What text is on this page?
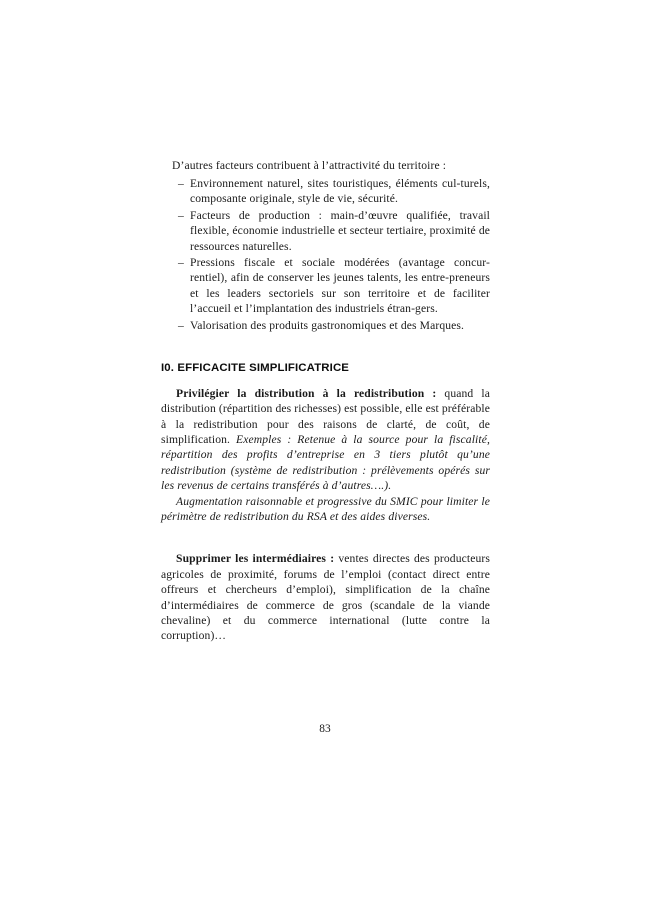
D’autres facteurs contribuent à l’attractivité du territoire :

– Environnement naturel, sites touristiques, éléments cul-turels, composante originale, style de vie, sécurité.
– Facteurs de production : main-d’œuvre qualifiée, travail flexible, économie industrielle et secteur tertiaire, proximité de ressources naturelles.
– Pressions fiscale et sociale modérées (avantage concur-rentiel), afin de conserver les jeunes talents, les entre-preneurs et les leaders sectoriels sur son territoire et de faciliter l’accueil et l’implantation des industriels étran-gers.
– Valorisation des produits gastronomiques et des Marques.
I0. EFFICACITE SIMPLIFICATRICE

Privilégier la distribution à la redistribution : quand la distribution (répartition des richesses) est possible, elle est préférable à la redistribution pour des raisons de clarté, de coût, de simplification. Exemples : Retenue à la source pour la fiscalité, répartition des profits d’entreprise en 3 tiers plutôt qu’une redistribution (système de redistribution : prélèvements opérés sur les revenus de certains transférés à d’autres….).

Augmentation raisonnable et progressive du SMIC pour limiter le périmètre de redistribution du RSA et des aides diverses.

Supprimer les intermédiaires : ventes directes des producteurs agricoles de proximité, forums de l’emploi (contact direct entre offreurs et chercheurs d’emploi), simplification de la chaîne d’intermédiaires de commerce de gros (scandale de la viande chevaline) et du commerce international (lutte contre la corruption)…

83
